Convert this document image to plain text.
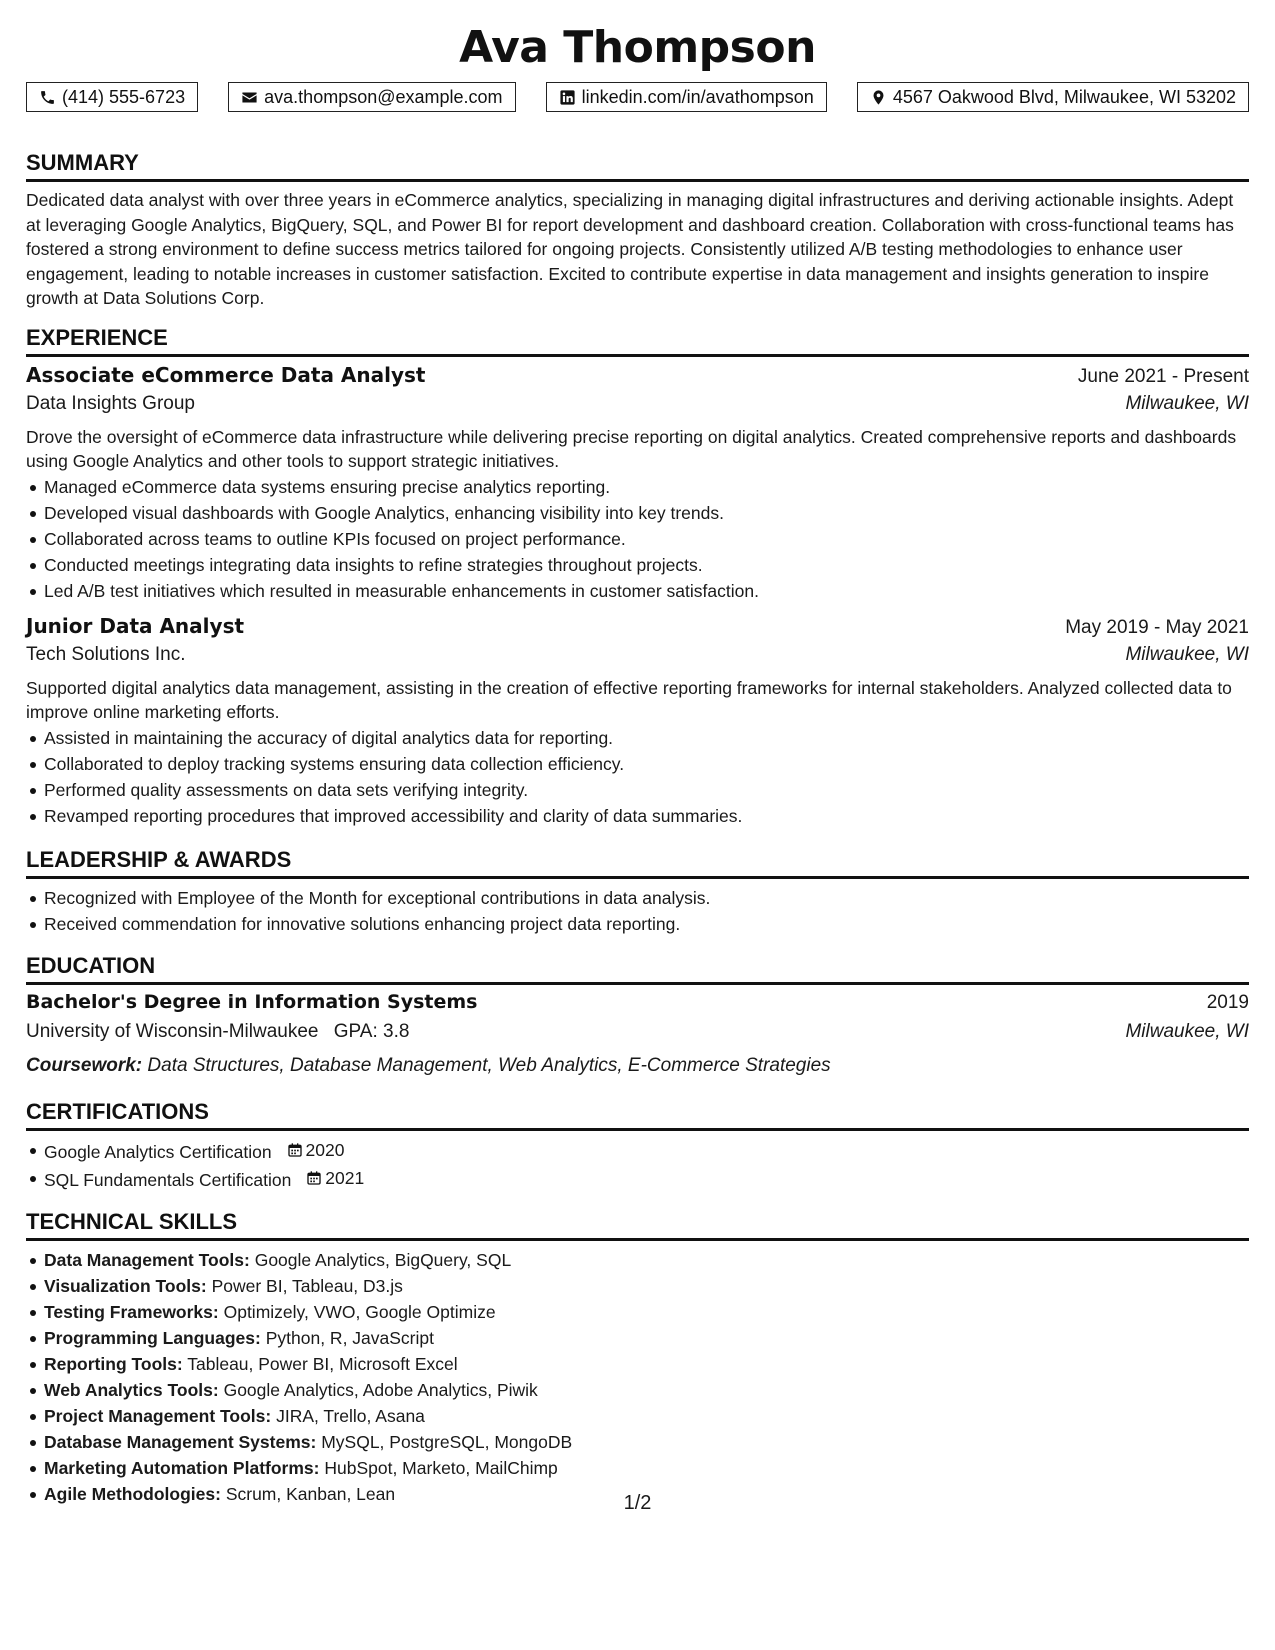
Ava Thompson
(414) 555-6723	ava.thompson@example.com	linkedin.com/in/avathompson	4567 Oakwood Blvd, Milwaukee, WI 53202
SUMMARY

Dedicated data analyst with over three years in eCommerce analytics, specializing in managing digital infrastructures and deriving actionable insights. Adept at leveraging Google Analytics, BigQuery, SQL, and Power BI for report development and dashboard creation. Collaboration with cross-functional teams has fostered a strong environment to define success metrics tailored for ongoing projects. Consistently utilized A/B testing methodologies to enhance user engagement, leading to notable increases in customer satisfaction. Excited to contribute expertise in data management and insights generation to inspire growth at Data Solutions Corp.

EXPERIENCE
Associate eCommerce Data Analyst	June 2021 - Present
Data Insights Group	Milwaukee, WI

Drove the oversight of eCommerce data infrastructure while delivering precise reporting on digital analytics. Created comprehensive reports and dashboards using Google Analytics and other tools to support strategic initiatives.

Managed eCommerce data systems ensuring precise analytics reporting.
Developed visual dashboards with Google Analytics, enhancing visibility into key trends.
Collaborated across teams to outline KPIs focused on project performance.
Conducted meetings integrating data insights to refine strategies throughout projects.
Led A/B test initiatives which resulted in measurable enhancements in customer satisfaction.
Junior Data Analyst	May 2019 - May 2021
Tech Solutions Inc.	Milwaukee, WI

Supported digital analytics data management, assisting in the creation of effective reporting frameworks for internal stakeholders. Analyzed collected data to improve online marketing efforts.

Assisted in maintaining the accuracy of digital analytics data for reporting.
Collaborated to deploy tracking systems ensuring data collection efficiency.
Performed quality assessments on data sets verifying integrity.
Revamped reporting procedures that improved accessibility and clarity of data summaries.
LEADERSHIP & AWARDS
Recognized with Employee of the Month for exceptional contributions in data analysis.
Received commendation for innovative solutions enhancing project data reporting.
EDUCATION
Bachelor's Degree in Information Systems	2019
University of Wisconsin-Milwaukee GPA: 3.8	Milwaukee, WI
Coursework: Data Structures, Database Management, Web Analytics, E-Commerce Strategies
CERTIFICATIONS
Google Analytics Certification 2020
SQL Fundamentals Certification 2021
TECHNICAL SKILLS
Data Management Tools: Google Analytics, BigQuery, SQL
Visualization Tools: Power BI, Tableau, D3.js
Testing Frameworks: Optimizely, VWO, Google Optimize
Programming Languages: Python, R, JavaScript
Reporting Tools: Tableau, Power BI, Microsoft Excel
Web Analytics Tools: Google Analytics, Adobe Analytics, Piwik
Project Management Tools: JIRA, Trello, Asana
Database Management Systems: MySQL, PostgreSQL, MongoDB
Marketing Automation Platforms: HubSpot, Marketo, MailChimp
Agile Methodologies: Scrum, Kanban, Lean	1/2
